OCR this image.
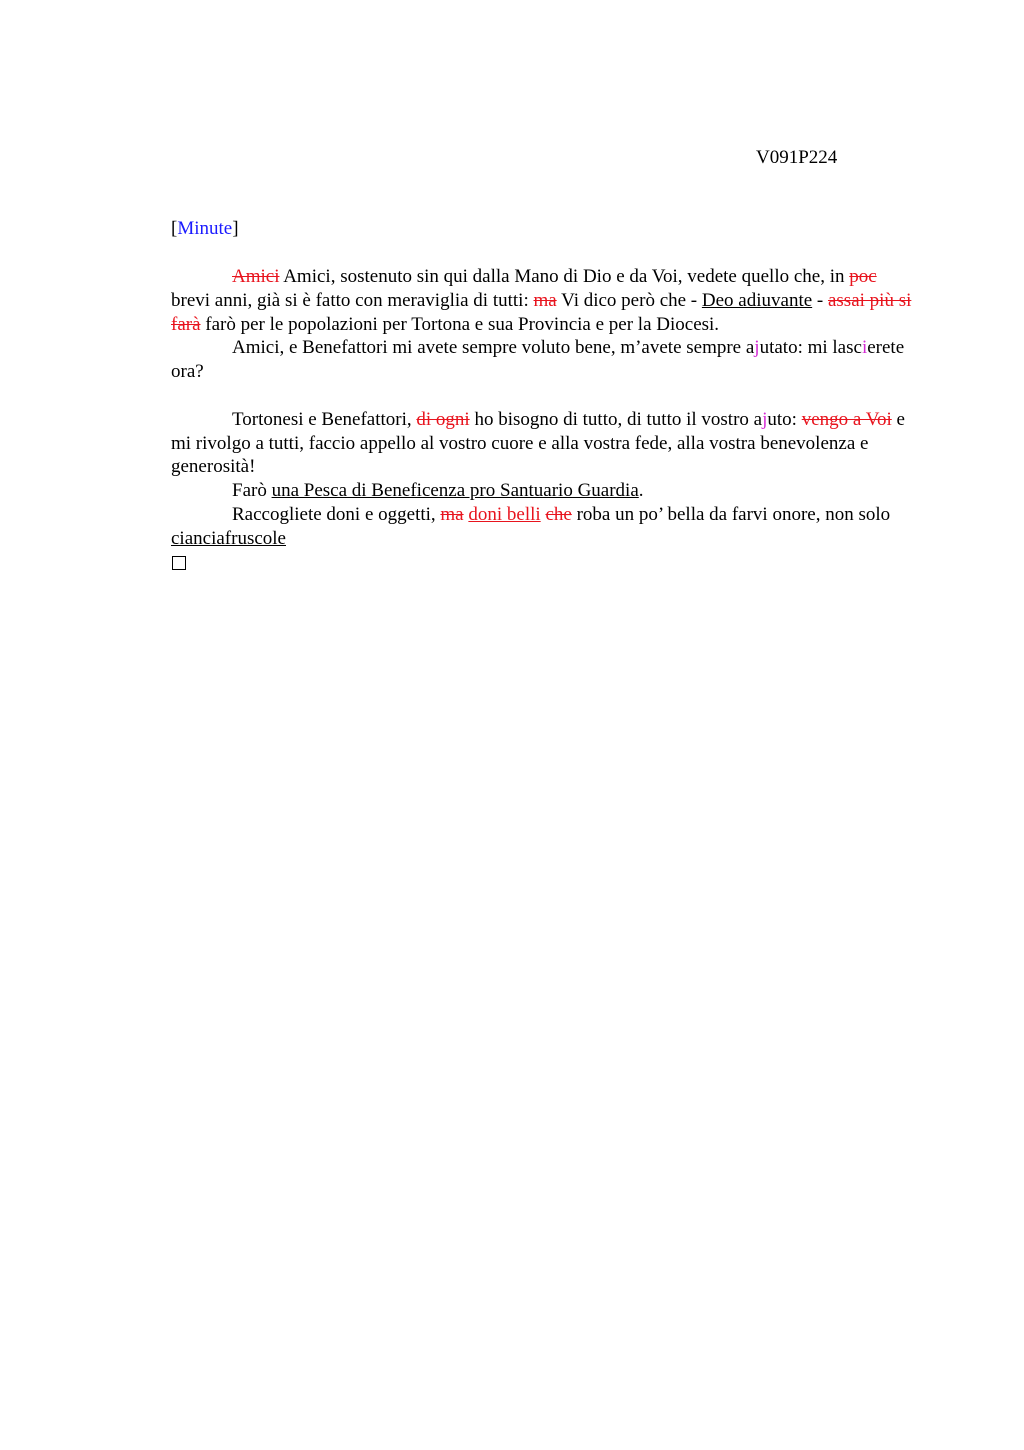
V091P224
[Minute]

Amici Amici, sostenuto sin qui dalla Mano di Dio e da Voi, vedete quello che, in poc brevi anni, già si è fatto con meraviglia di tutti: ma Vi dico però che - Deo adiuvante - assai più si farà farò per le popolazioni per Tortona e sua Provincia e per la Diocesi.

Amici, e Benefattori mi avete sempre voluto bene, m’avete sempre ajutato: mi lascierete ora?

Tortonesi e Benefattori, di ogni ho bisogno di tutto, di tutto il vostro ajuto: vengo a Voi e mi rivolgo a tutti, faccio appello al vostro cuore e alla vostra fede, alla vostra benevolenza e generosità!

Farò una Pesca di Beneficenza pro Santuario Guardia.

Raccogliete doni e oggetti, ma doni belli che roba un po’ bella da farvi onore, non solo cianciafruscole
